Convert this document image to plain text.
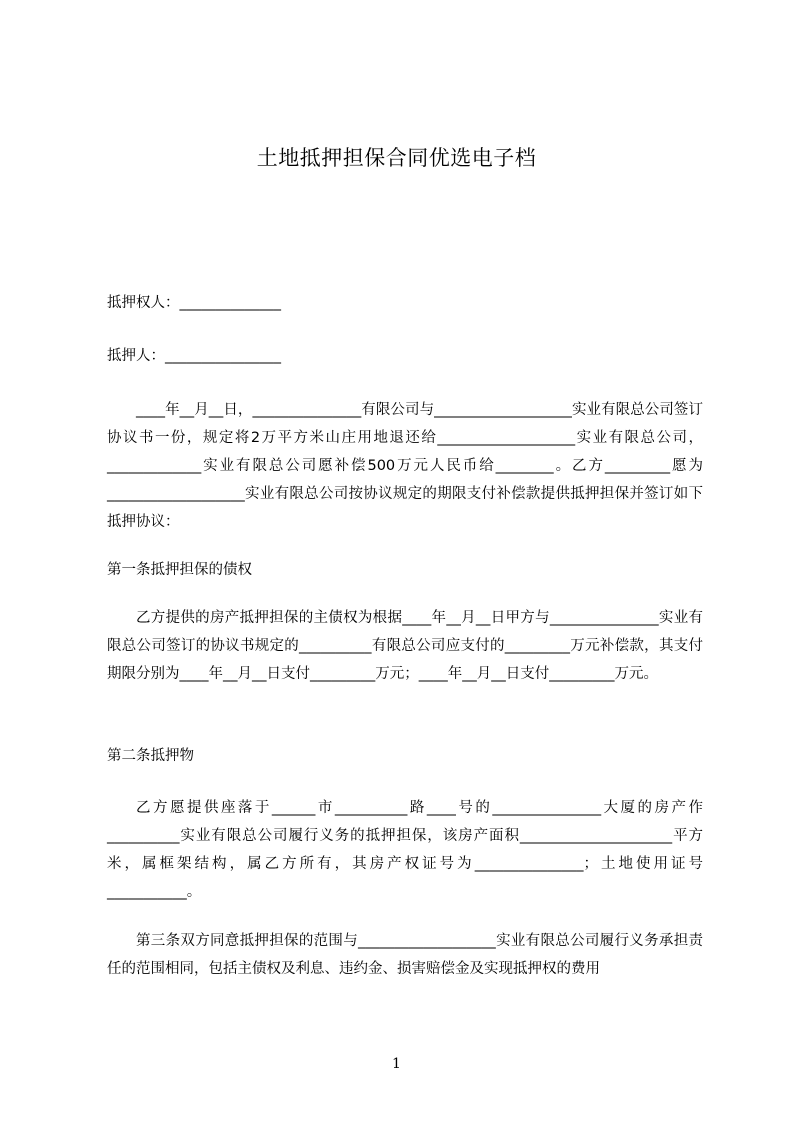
土地抵押担保合同优选电子档
抵押权人：______________
抵押人：________________
____年__月__日，_______________有限公司与___________________实业有限总公司签订协议书一份，规定将2万平方米山庄用地退还给___________________实业有限总公司，_____________实业有限总公司愿补偿500万元人民币给________。乙方_________愿为___________________实业有限总公司按协议规定的期限支付补偿款提供抵押担保并签订如下抵押协议：
第一条抵押担保的债权
乙方提供的房产抵押担保的主债权为根据____年__月__日甲方与_______________实业有限总公司签订的协议书规定的__________有限总公司应支付的_________万元补偿款，其支付期限分别为____年__月__日支付_________万元；____年__月__日支付_________万元。
第二条抵押物
乙方愿提供座落于______市__________路____号的_______________大厦的房产作__________实业有限总公司履行义务的抵押担保，该房产面积_____________________平方米，属框架结构，属乙方所有，其房产权证号为_______________；土地使用证号___________。
第三条双方同意抵押担保的范围与___________________实业有限总公司履行义务承担责任的范围相同，包括主债权及利息、违约金、损害赔偿金及实现抵押权的费用
1
